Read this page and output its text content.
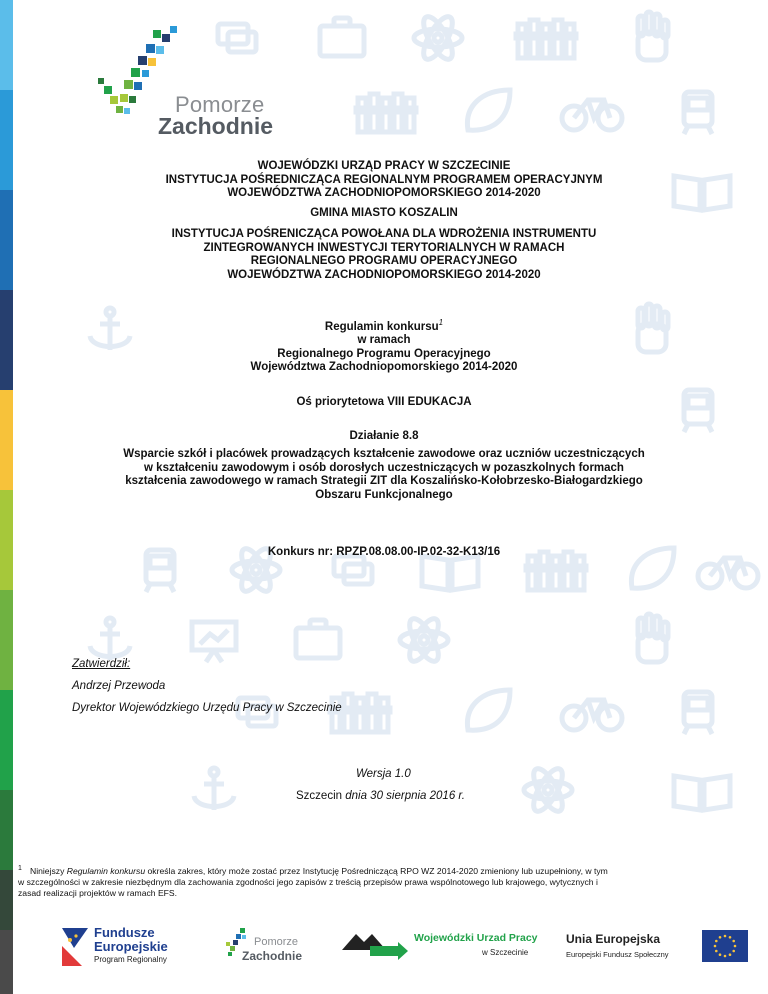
Pomorze
Zachodnie
WOJEWÓDZKI URZĄD PRACY W SZCZECINIE
INSTYTUCJA POŚREDNICZĄCA REGIONALNYM PROGRAMEM OPERACYJNYM
WOJEWÓDZTWA ZACHODNIOPOMORSKIEGO 2014-2020
GMINA MIASTO KOSZALIN
INSTYTUCJA POŚRENICZĄCA POWOŁANA DLA WDROŻENIA INSTRUMENTU
ZINTEGROWANYCH INWESTYCJI TERYTORIALNYCH W RAMACH
REGIONALNEGO PROGRAMU OPERACYJNEGO
WOJEWÓDZTWA ZACHODNIOPOMORSKIEGO 2014-2020
Regulamin konkursu$^1$
w ramach
Regionalnego Programu Operacyjnego
Województwa Zachodniopomorskiego 2014-2020
Oś priorytetowa VIII EDUKACJA
Działanie 8.8
Wsparcie szkół i placówek prowadzących kształcenie zawodowe oraz uczniów uczestniczących
w kształceniu zawodowym i osób dorosłych uczestniczących w pozaszkolnych formach
kształcenia zawodowego w ramach Strategii ZIT dla Koszalińsko-Kołobrzesko-Białogardzkiego
Obszaru Funkcjonalnego
Konkurs nr: RPZP.08.08.00-IP.02-32-K13/16
Zatwierdził:
Andrzej Przewoda
Dyrektor Wojewódzkiego Urzędu Pracy w Szczecinie
Wersja 1.0
Szczecin dnia 30 sierpnia 2016 r.
1 Niniejszy Regulamin konkursu określa zakres, który może zostać przez Instytucję Pośredniczącą RPO WZ 2014-2020 zmieniony lub uzupełniony, w tym

w szczególności w zakresie niezbędnym dla zachowania zgodności jego zapisów z treścią przepisów prawa wspólnotowego lub krajowego, wytycznych i
zasad realizacji projektów w ramach EFS.
Fundusze
Europejskie
Program Regionalny
Pomorze
Zachodnie
Wojewódzki Urzad Pracy
w Szczecinie
Unia Europejska
Europejski Fundusz Społeczny
